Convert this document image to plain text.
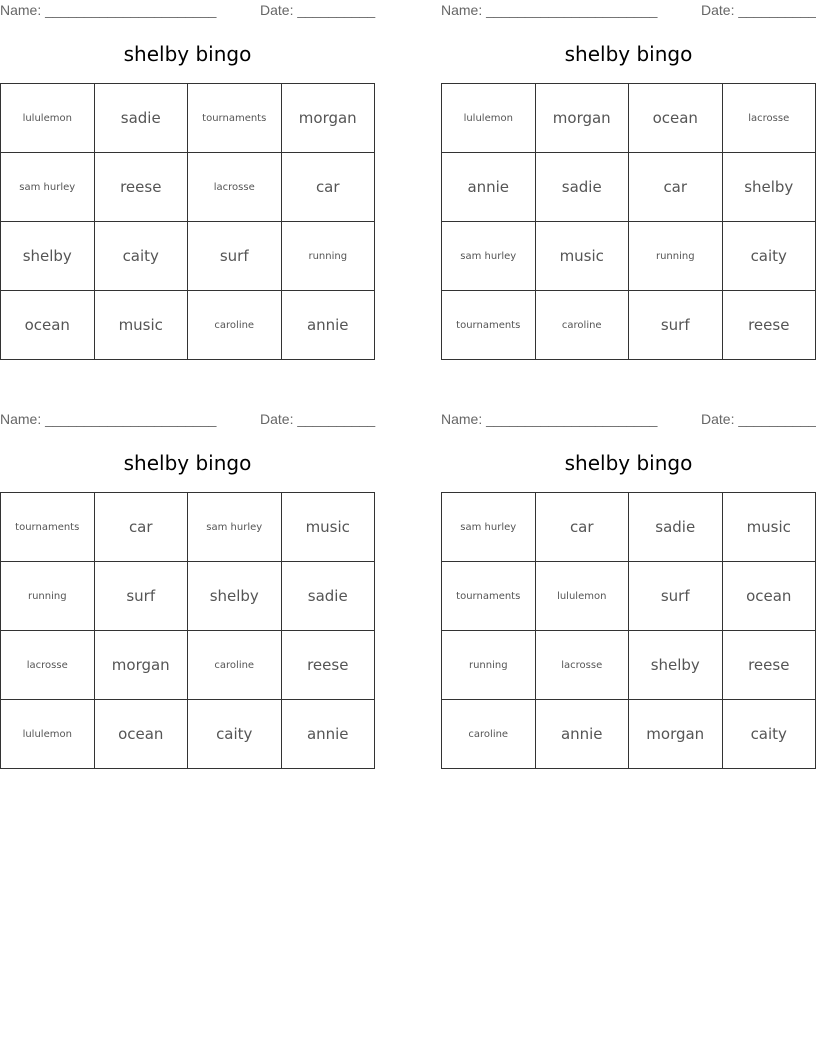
Name: ______________________	Date: __________
shelby bingo
lululemon	sadie	tournaments	morgan
sam hurley	reese	lacrosse	car
shelby	caity	surf	running
ocean	music	caroline	annie
Name: ______________________	Date: __________
shelby bingo
lululemon	morgan	ocean	lacrosse
annie	sadie	car	shelby
sam hurley	music	running	caity
tournaments	caroline	surf	reese
Name: ______________________	Date: __________
shelby bingo
tournaments	car	sam hurley	music
running	surf	shelby	sadie
lacrosse	morgan	caroline	reese
lululemon	ocean	caity	annie
Name: ______________________	Date: __________
shelby bingo
sam hurley	car	sadie	music
tournaments	lululemon	surf	ocean
running	lacrosse	shelby	reese
caroline	annie	morgan	caity
